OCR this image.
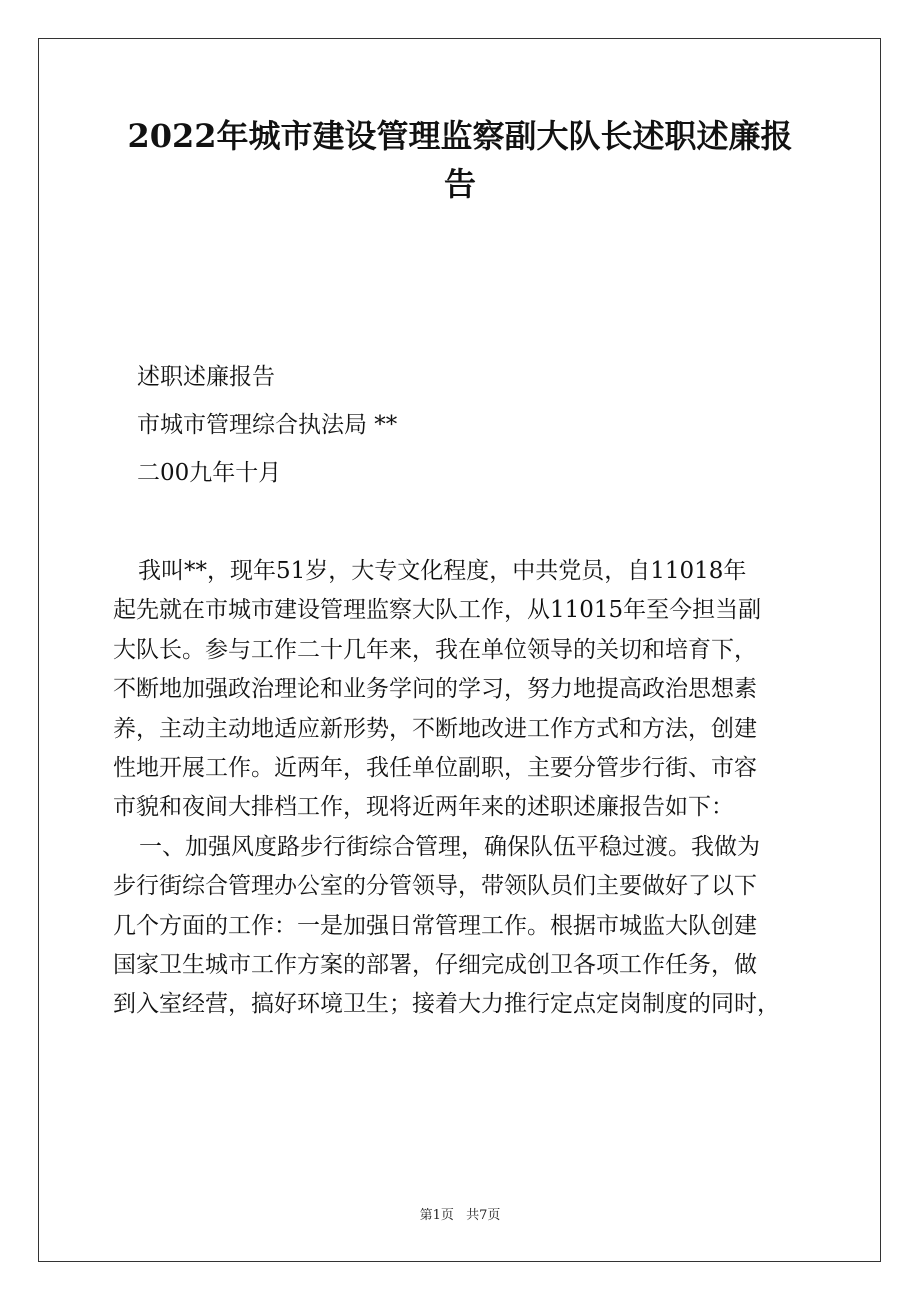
2022年城市建设管理监察副大队长述职述廉报
告
述职述廉报告
市城市管理综合执法局 **
二00九年十月
　我叫**，现年51岁，大专文化程度，中共党员，自11018年
起先就在市城市建设管理监察大队工作，从11015年至今担当副
大队长。参与工作二十几年来，我在单位领导的关切和培育下，
不断地加强政治理论和业务学问的学习，努力地提高政治思想素
养，主动主动地适应新形势，不断地改进工作方式和方法，创建
性地开展工作。近两年，我任单位副职，主要分管步行街、市容
市貌和夜间大排档工作，现将近两年来的述职述廉报告如下：
一、加强风度路步行街综合管理，确保队伍平稳过渡。我做为
步行街综合管理办公室的分管领导，带领队员们主要做好了以下
几个方面的工作：一是加强日常管理工作。根据市城监大队创建
国家卫生城市工作方案的部署，仔细完成创卫各项工作任务，做
到入室经营，搞好环境卫生；接着大力推行定点定岗制度的同时，
第1页 共7页
